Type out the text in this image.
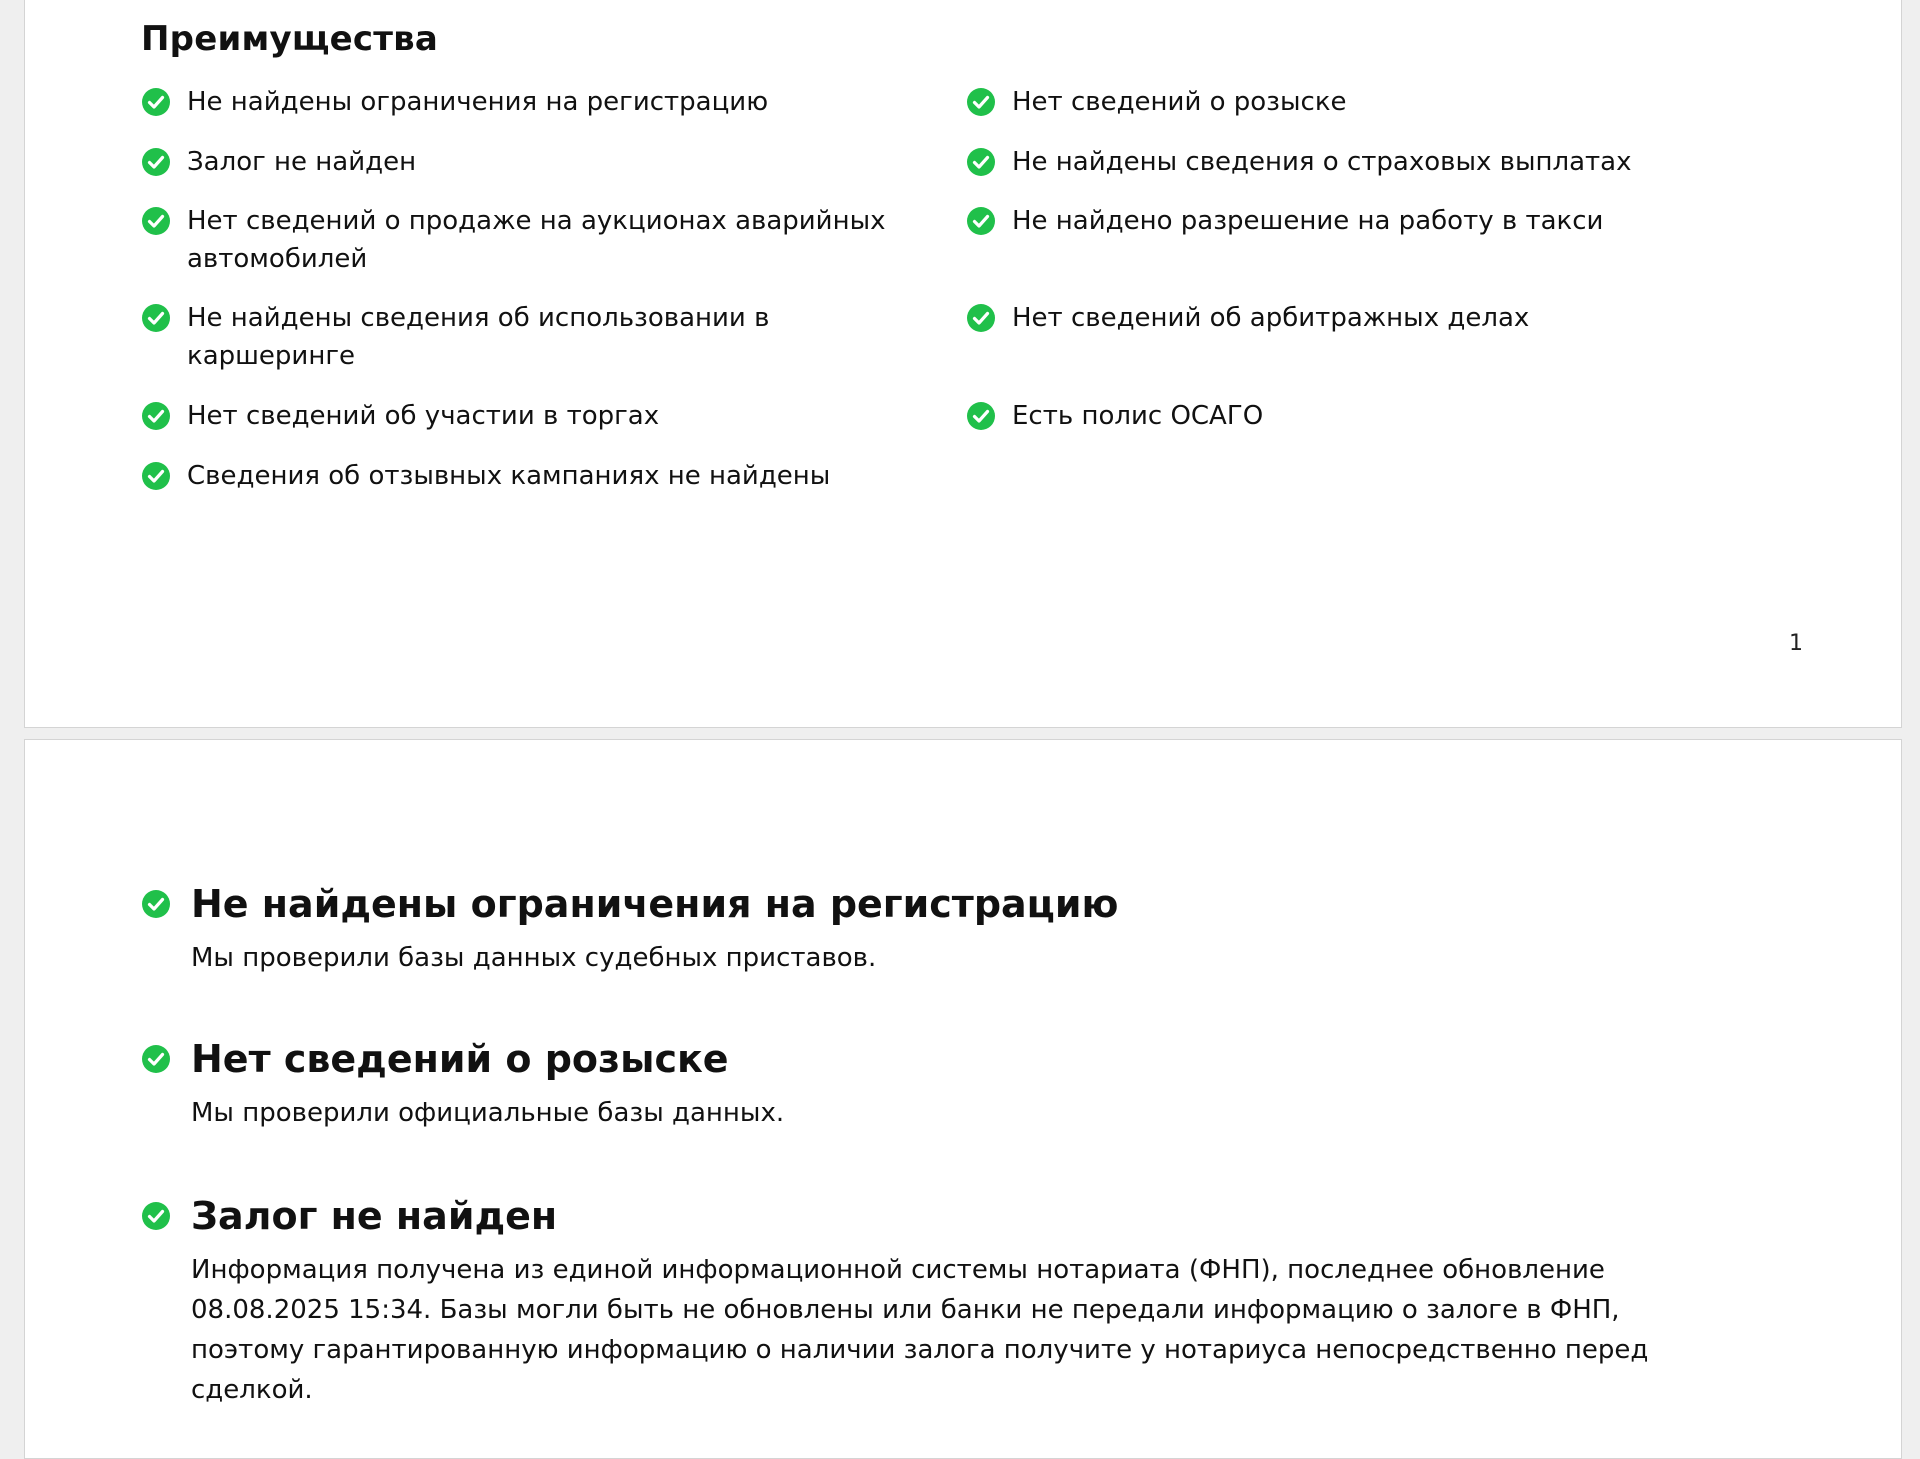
Преимущества
Не найдены ограничения на регистрацию
Залог не найден
Нет сведений о продаже на аукционах аварийных автомобилей
Не найдены сведения об использовании в каршеринге
Нет сведений об участии в торгах
Сведения об отзывных кампаниях не найдены
Нет сведений о розыске
Не найдены сведения о страховых выплатах
Не найдено разрешение на работу в такси
Нет сведений об арбитражных делах
Есть полис ОСАГО
1
Не найдены ограничения на регистрацию

Мы проверили базы данных судебных приставов.

Нет сведений о розыске

Мы проверили официальные базы данных.

Залог не найден

Информация получена из единой информационной системы нотариата (ФНП), последнее обновление 08.08.2025 15:34. Базы могли быть не обновлены или банки не передали информацию о залоге в ФНП, поэтому гарантированную информацию о наличии залога получите у нотариуса непосредственно перед сделкой.
